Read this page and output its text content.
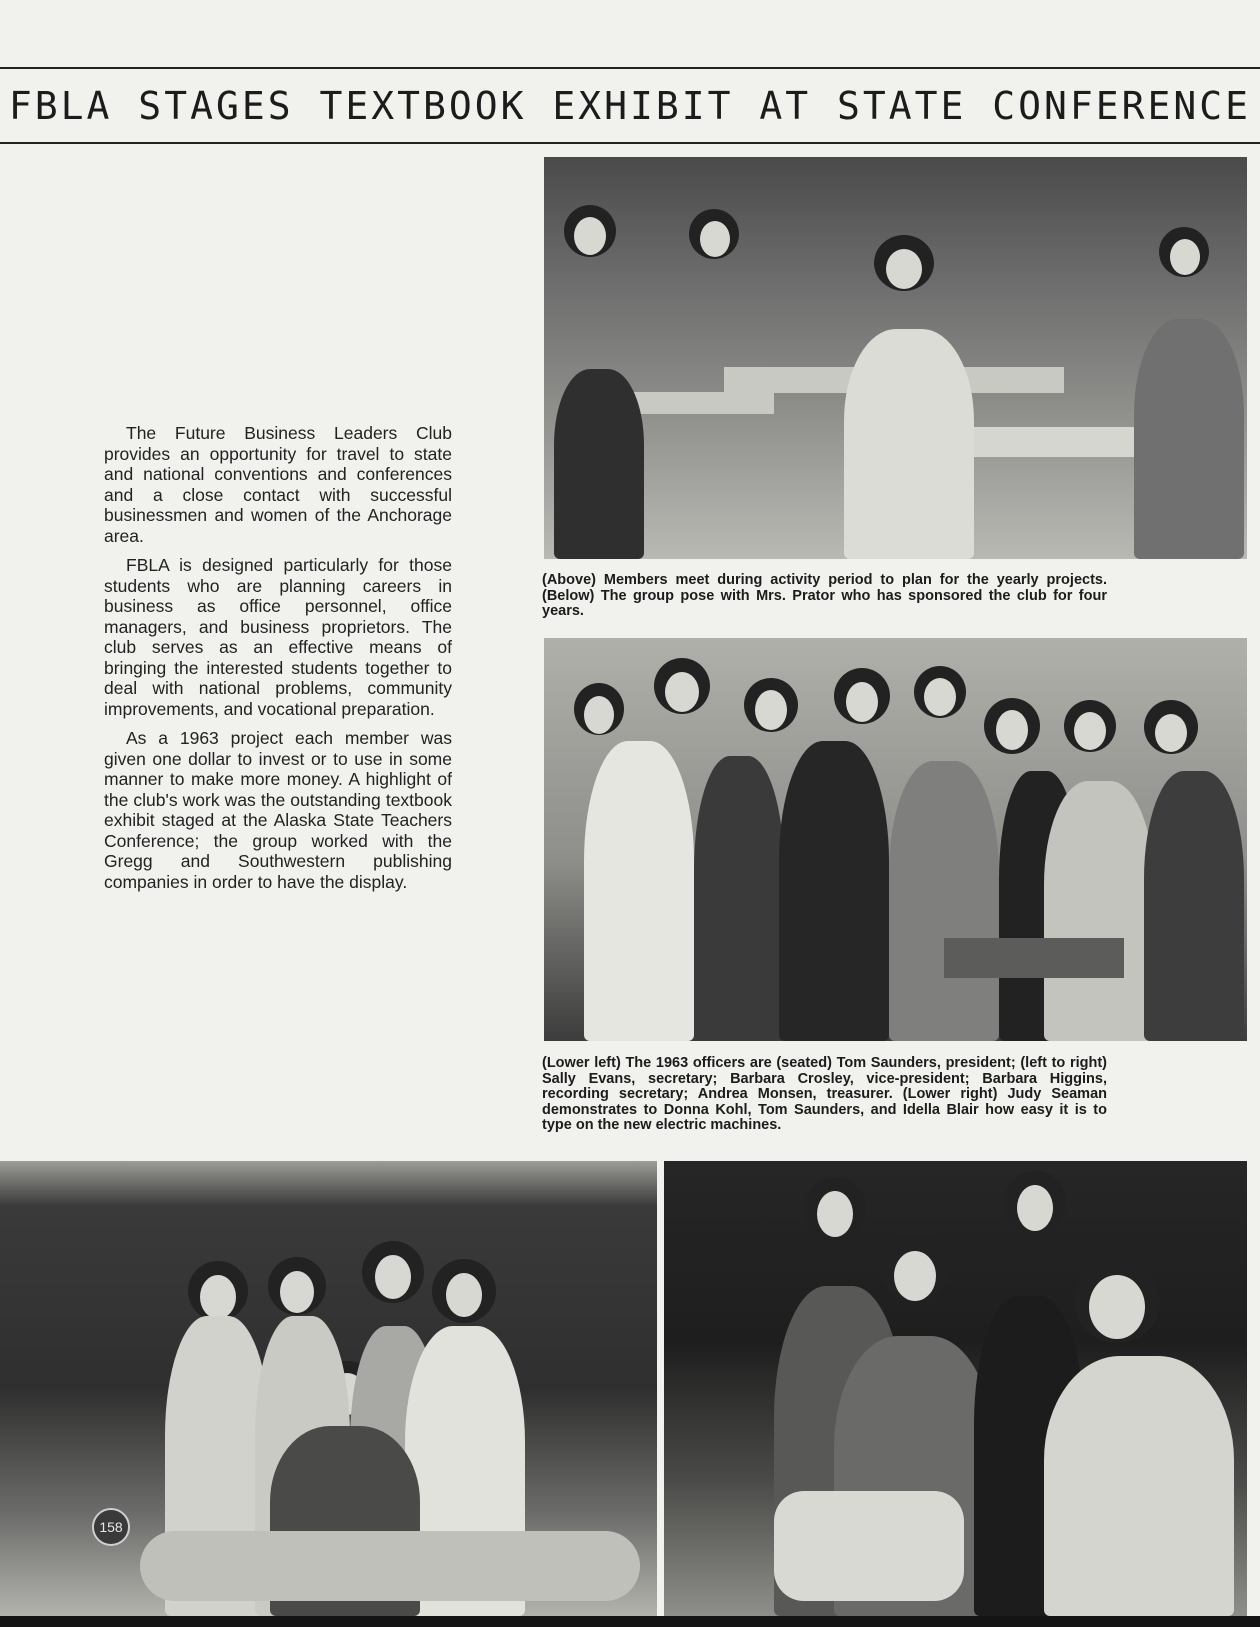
FBLA STAGES TEXTBOOK EXHIBIT AT STATE CONFERENCE

The Future Business Leaders Club provides an opportunity for travel to state and national conventions and conferences and a close contact with successful businessmen and women of the Anchorage area.

FBLA is designed particularly for those students who are planning careers in business as office personnel, office managers, and business proprietors. The club serves as an effective means of bringing the interested students together to deal with national problems, community improvements, and vocational preparation.

As a 1963 project each member was given one dollar to invest or to use in some manner to make more money. A highlight of the club's work was the outstanding textbook exhibit staged at the Alaska State Teachers Conference; the group worked with the Gregg and Southwestern publishing companies in order to have the display.

(Above) Members meet during activity period to plan for the yearly projects. (Below) The group pose with Mrs. Prator who has sponsored the club for four years.
(Lower left) The 1963 officers are (seated) Tom Saunders, president; (left to right) Sally Evans, secretary; Barbara Crosley, vice-president; Barbara Higgins, recording secretary; Andrea Monsen, treasurer. (Lower right) Judy Seaman demonstrates to Donna Kohl, Tom Saunders, and Idella Blair how easy it is to type on the new electric machines.
158
